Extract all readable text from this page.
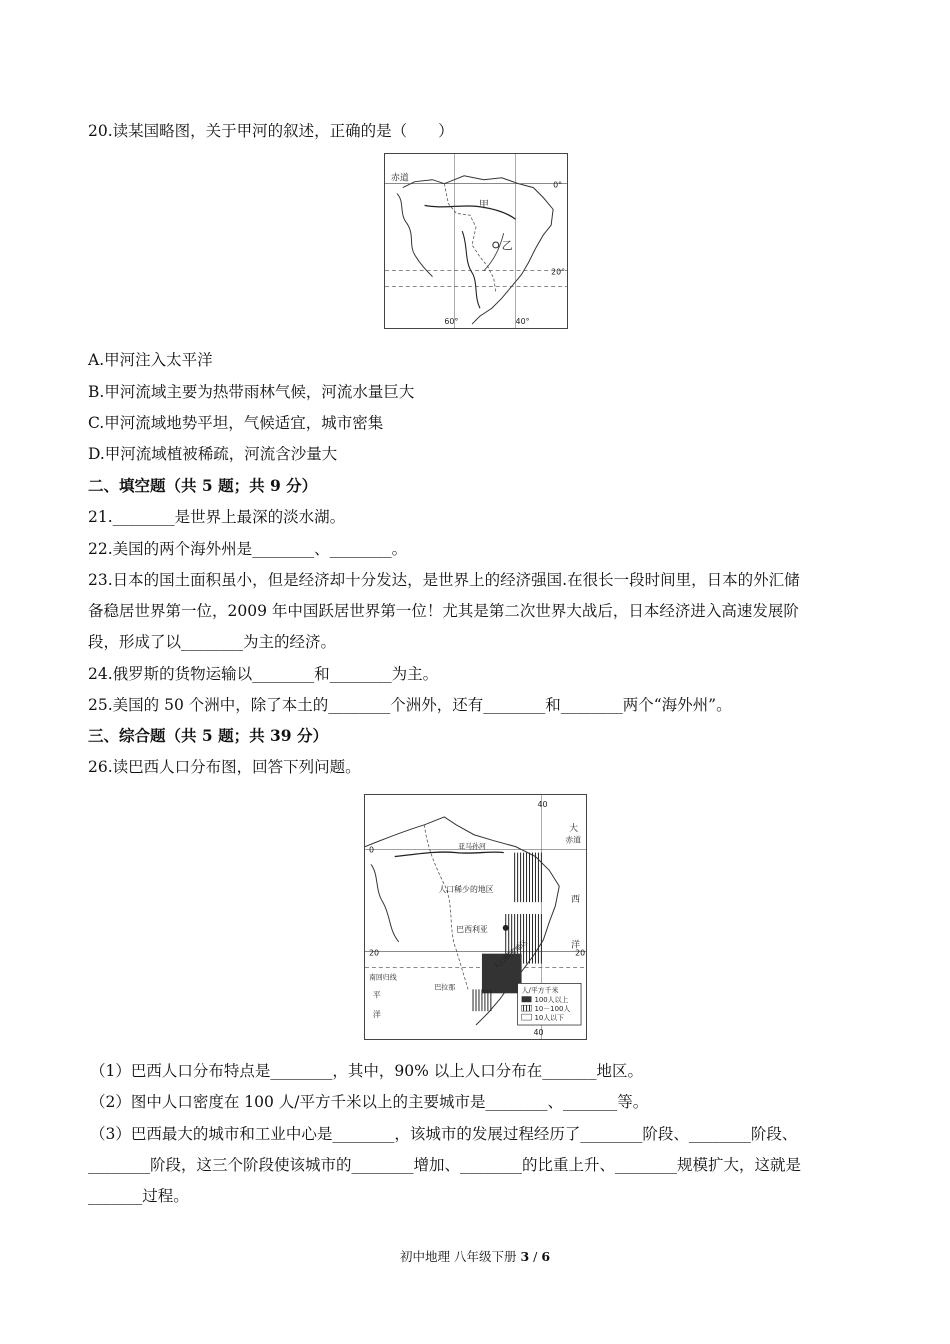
20.读某国略图，关于甲河的叙述，正确的是（　　）
赤道
甲
乙
0°
20°
60°	40°
A.甲河注入太平洋
B.甲河流域主要为热带雨林气候，河流水量巨大
C.甲河流域地势平坦，气候适宜，城市密集
D.甲河流域植被稀疏，河流含沙量大
二、填空题（共 5 题；共 9 分）
21.________是世界上最深的淡水湖。
22.美国的两个海外州是________、________。
23.日本的国土面积虽小，但是经济却十分发达，是世界上的经济强国.在很长一段时间里，日本的外汇储
备稳居世界第一位，2009 年中国跃居世界第一位！尤其是第二次世界大战后，日本经济进入高速发展阶
段，形成了以________为主的经济。
24.俄罗斯的货物运输以________和________为主。
25.美国的 50 个洲中，除了本土的________个洲外，还有________和________两个“海外州”。
三、综合题（共 5 题；共 39 分）
26.读巴西人口分布图，回答下列问题。
40
0
20	20
40
赤道
大
西
洋
亚马孙河
人口稀少的地区
巴西利亚
南回归线
平
洋
巴拉那
人口稠密地区
人/平方千米
100人以上
10－100人
10人以下
（1）巴西人口分布特点是________，其中，90% 以上人口分布在_______地区。
（2）图中人口密度在 100 人/平方千米以上的主要城市是________、_______等。
（3）巴西最大的城市和工业中心是________，该城市的发展过程经历了________阶段、________阶段、
________阶段，这三个阶段使该城市的________增加、________的比重上升、________规模扩大，这就是
_______过程。
初中地理 八年级下册 3 / 6
